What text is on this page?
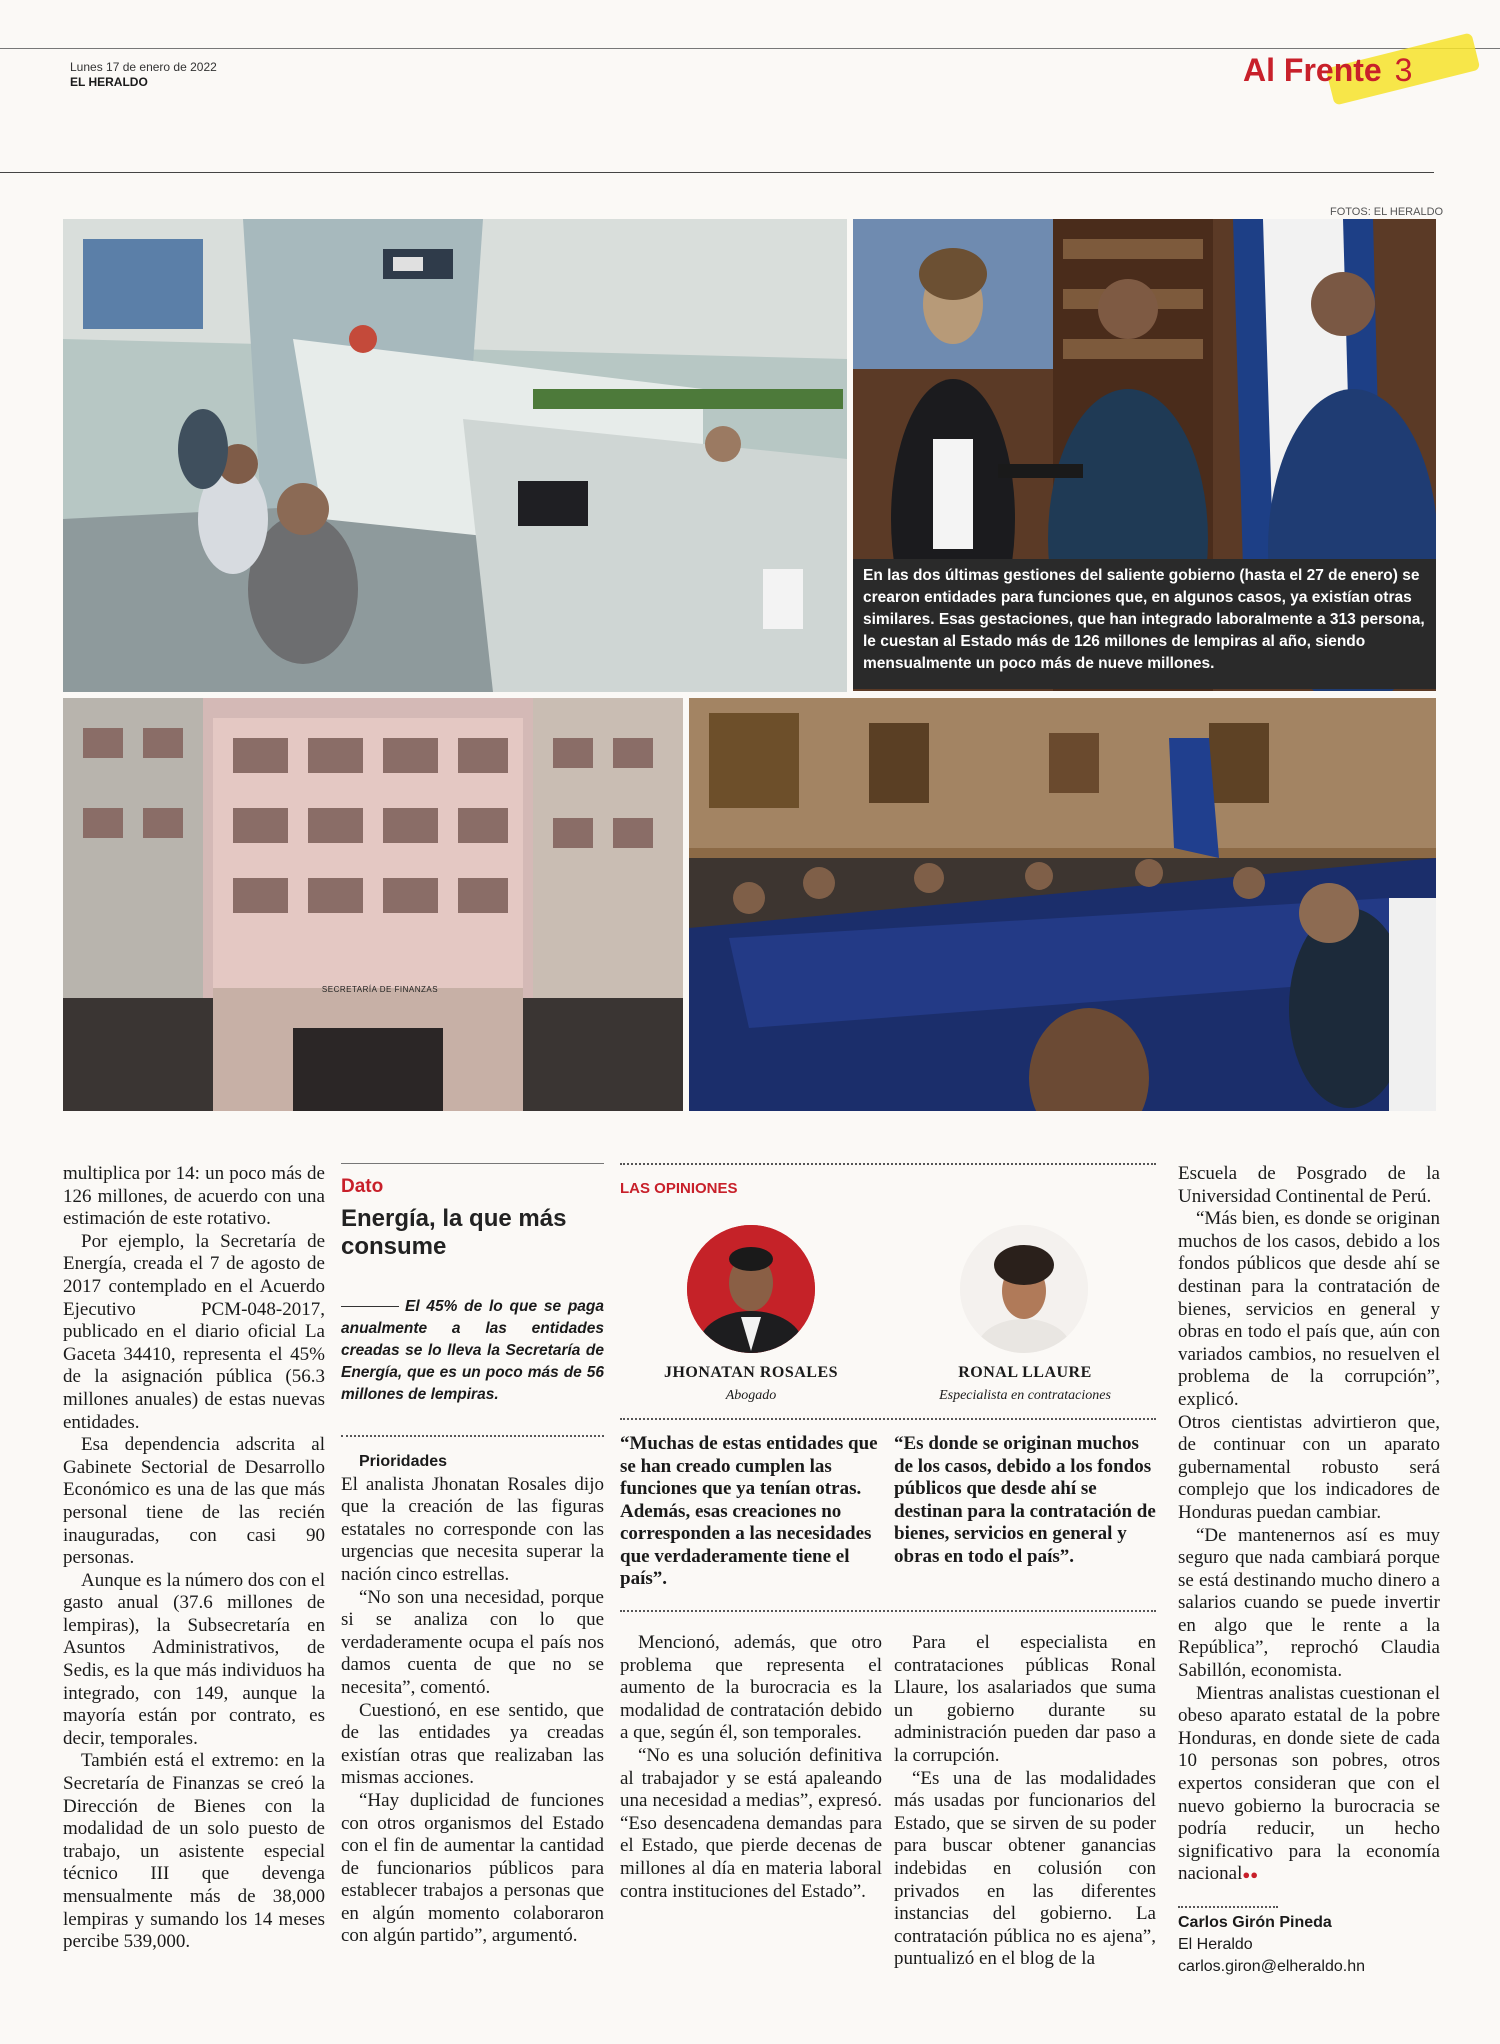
Lunes 17 de enero de 2022
EL HERALDO	Al Frente 3
FOTOS: EL HERALDO
En las dos últimas gestiones del saliente gobierno (hasta el 27 de enero) se crearon entidades para funciones que, en algunos casos, ya existían otras similares. Esas gestaciones, que han integrado laboralmente a 313 persona, le cuestan al Estado más de 126 millones de lempiras al año, siendo mensualmente un poco más de nueve millones.
SECRETARÍA DE FINANZAS

multiplica por 14: un poco más de 126 millones, de acuerdo con una estimación de este rotativo.

Por ejemplo, la Secretaría de Energía, creada el 7 de agosto de 2017 contemplado en el Acuerdo Ejecutivo PCM-048-2017, publicado en el diario oficial La Gaceta 34410, representa el 45% de la asignación pública (56.3 millones anuales) de estas nuevas entidades.

Esa dependencia adscrita al Gabinete Sectorial de Desarrollo Económico es una de las que más personal tiene de las recién inauguradas, con casi 90 personas.

Aunque es la número dos con el gasto anual (37.6 millones de lempiras), la Subsecretaría en Asuntos Administrativos, de Sedis, es la que más individuos ha integrado, con 149, aunque la mayoría están por contrato, es decir, temporales.

También está el extremo: en la Secretaría de Finanzas se creó la Dirección de Bienes con la modalidad de un solo puesto de trabajo, un asistente especial técnico III que devenga mensualmente más de 38,000 lempiras y sumando los 14 meses percibe 539,000.

Dato
Energía, la que más consume
El 45% de lo que se paga anualmente a las entidades creadas se lo lleva la Secretaría de Energía, que es un poco más de 56 millones de lempiras.

Prioridades

El analista Jhonatan Rosales dijo que la creación de las figuras estatales no corresponde con las urgencias que necesita superar la nación cinco estrellas.

“No son una necesidad, porque si se analiza con lo que verdaderamente ocupa el país nos damos cuenta de que no se necesita”, comentó.

Cuestionó, en ese sentido, que de las entidades ya creadas existían otras que realizaban las mismas acciones.

“Hay duplicidad de funciones con otros organismos del Estado con el fin de aumentar la cantidad de funcionarios públicos para establecer trabajos a personas que en algún momento colaboraron con algún partido”, argumentó.

LAS OPINIONES
JHONATAN ROSALES
Abogado
RONAL LLAURE
Especialista en contrataciones
“Muchas de estas entidades que se han creado cumplen las funciones que ya tenían otras. Además, esas creaciones no corresponden a las necesidades que verdaderamente tiene el país”.
“Es donde se originan muchos de los casos, debido a los fondos públicos que desde ahí se destinan para la contratación de bienes, servicios en general y obras en todo el país”.

Mencionó, además, que otro problema que representa el aumento de la burocracia es la modalidad de contratación debido a que, según él, son temporales.

“No es una solución definitiva al trabajador y se está apaleando una necesidad a medias”, expresó. “Eso desencadena demandas para el Estado, que pierde decenas de millones al día en materia laboral contra instituciones del Estado”.

Para el especialista en contrataciones públicas Ronal Llaure, los asalariados que suma un gobierno durante su administración pueden dar paso a la corrupción.

“Es una de las modalidades más usadas por funcionarios del Estado, que se sirven de su poder para buscar obtener ganancias indebidas en colusión con privados en las diferentes instancias del gobierno. La contratación pública no es ajena”, puntualizó en el blog de la

Escuela de Posgrado de la Universidad Continental de Perú.

“Más bien, es donde se originan muchos de los casos, debido a los fondos públicos que desde ahí se destinan para la contratación de bienes, servicios en general y obras en todo el país que, aún con variados cambios, no resuelven el problema de la corrupción”, explicó.

Otros cientistas advirtieron que, de continuar con un aparato gubernamental robusto será complejo que los indicadores de Honduras puedan cambiar.

“De mantenernos así es muy seguro que nada cambiará porque se está destinando mucho dinero a salarios cuando se puede invertir en algo que le rente a la República”, reprochó Claudia Sabillón, economista.

Mientras analistas cuestionan el obeso aparato estatal de la pobre Honduras, en donde siete de cada 10 personas son pobres, otros expertos consideran que con el nuevo gobierno la burocracia se podría reducir, un hecho significativo para la economía nacional●●

Carlos Girón Pineda
El Heraldo
carlos.giron@elheraldo.hn
